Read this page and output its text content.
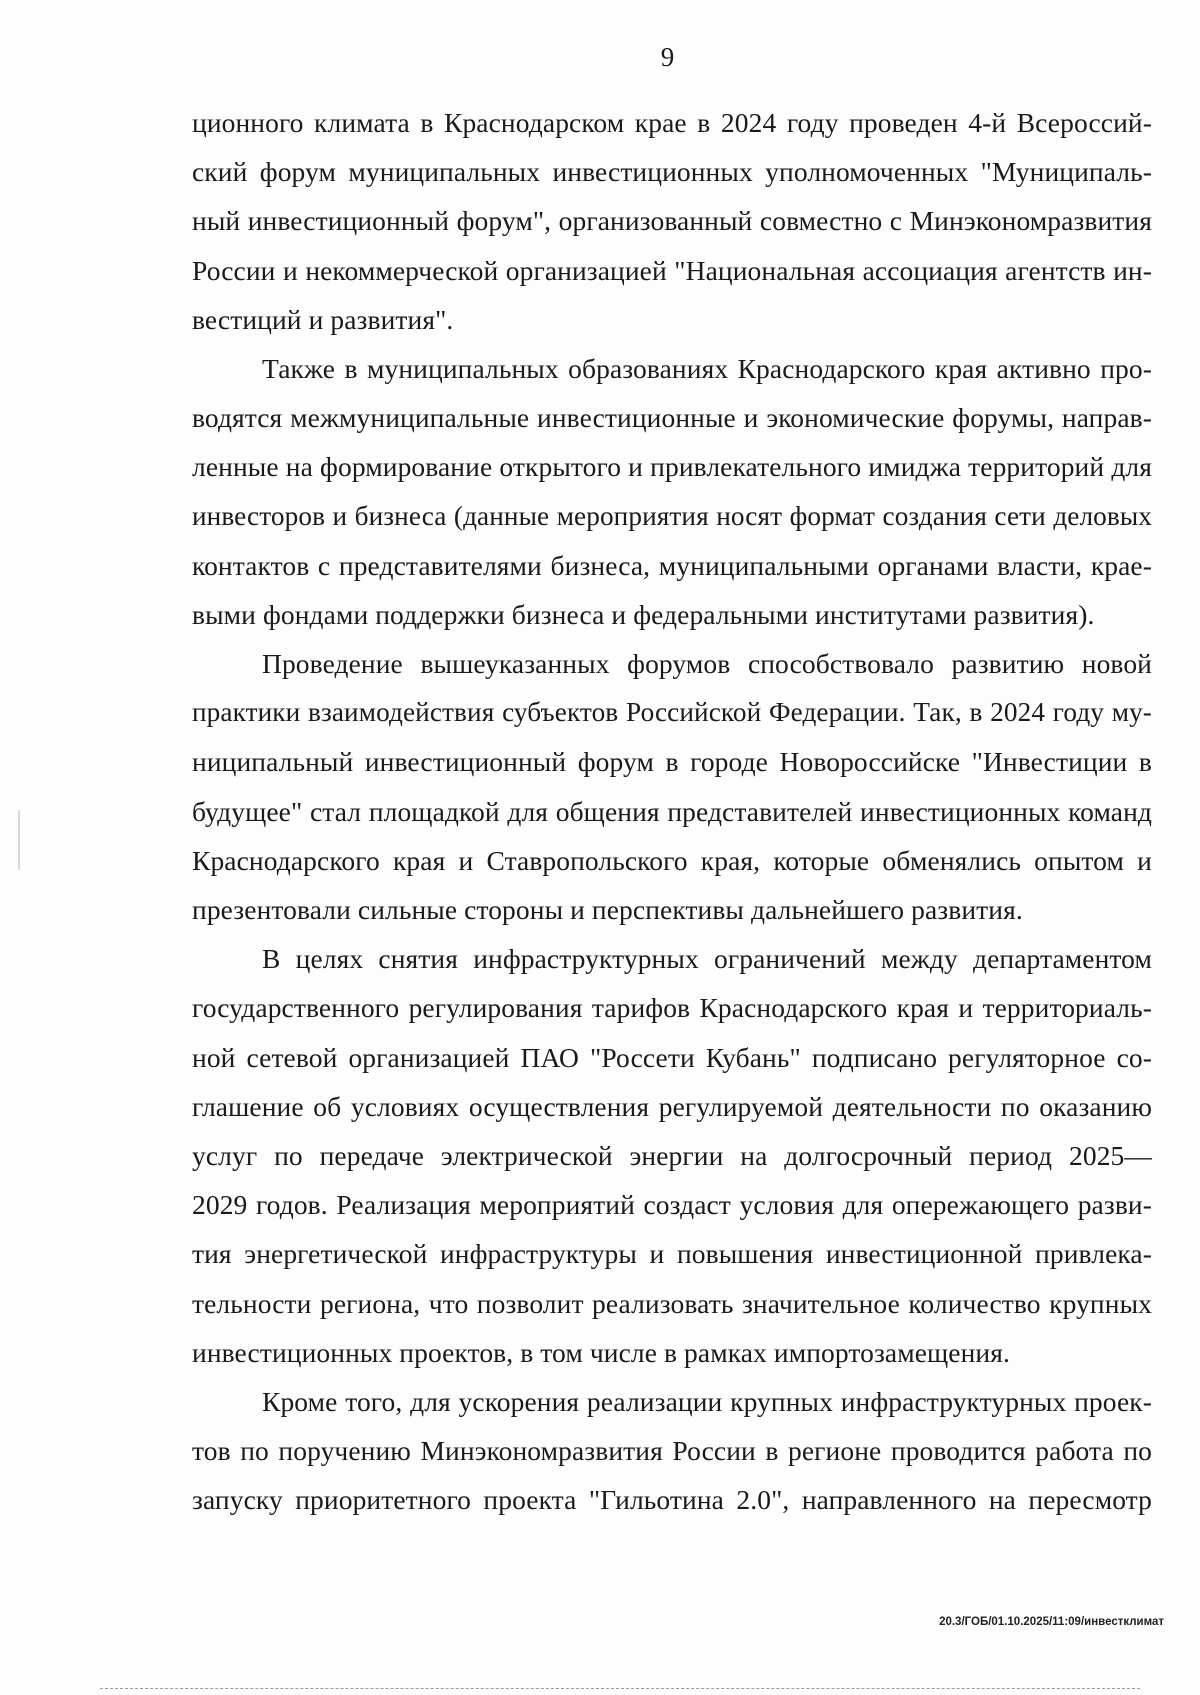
9
ционного климата в Краснодарском крае в 2024 году проведен 4-й Всероссий-
ский форум муниципальных инвестиционных уполномоченных "Муниципаль-
ный инвестиционный форум", организованный совместно с Минэкономразвития
России и некоммерческой организацией "Национальная ассоциация агентств ин-
вестиций и развития".
Также в муниципальных образованиях Краснодарского края активно про-
водятся межмуниципальные инвестиционные и экономические форумы, направ-
ленные на формирование открытого и привлекательного имиджа территорий для
инвесторов и бизнеса (данные мероприятия носят формат создания сети деловых
контактов с представителями бизнеса, муниципальными органами власти, крае-
выми фондами поддержки бизнеса и федеральными институтами развития).
Проведение вышеуказанных форумов способствовало развитию новой
практики взаимодействия субъектов Российской Федерации. Так, в 2024 году му-
ниципальный инвестиционный форум в городе Новороссийске "Инвестиции в
будущее" стал площадкой для общения представителей инвестиционных команд
Краснодарского края и Ставропольского края, которые обменялись опытом и
презентовали сильные стороны и перспективы дальнейшего развития.
В целях снятия инфраструктурных ограничений между департаментом
государственного регулирования тарифов Краснодарского края и территориаль-
ной сетевой организацией ПАО "Россети Кубань" подписано регуляторное со-
глашение об условиях осуществления регулируемой деятельности по оказанию
услуг по передаче электрической энергии на долгосрочный период 2025—
2029 годов. Реализация мероприятий создаст условия для опережающего разви-
тия энергетической инфраструктуры и повышения инвестиционной привлека-
тельности региона, что позволит реализовать значительное количество крупных
инвестиционных проектов, в том числе в рамках импортозамещения.
Кроме того, для ускорения реализации крупных инфраструктурных проек-
тов по поручению Минэкономразвития России в регионе проводится работа по
запуску приоритетного проекта "Гильотина 2.0", направленного на пересмотр
20.3/ГОБ/01.10.2025/11:09/инвестклимат
